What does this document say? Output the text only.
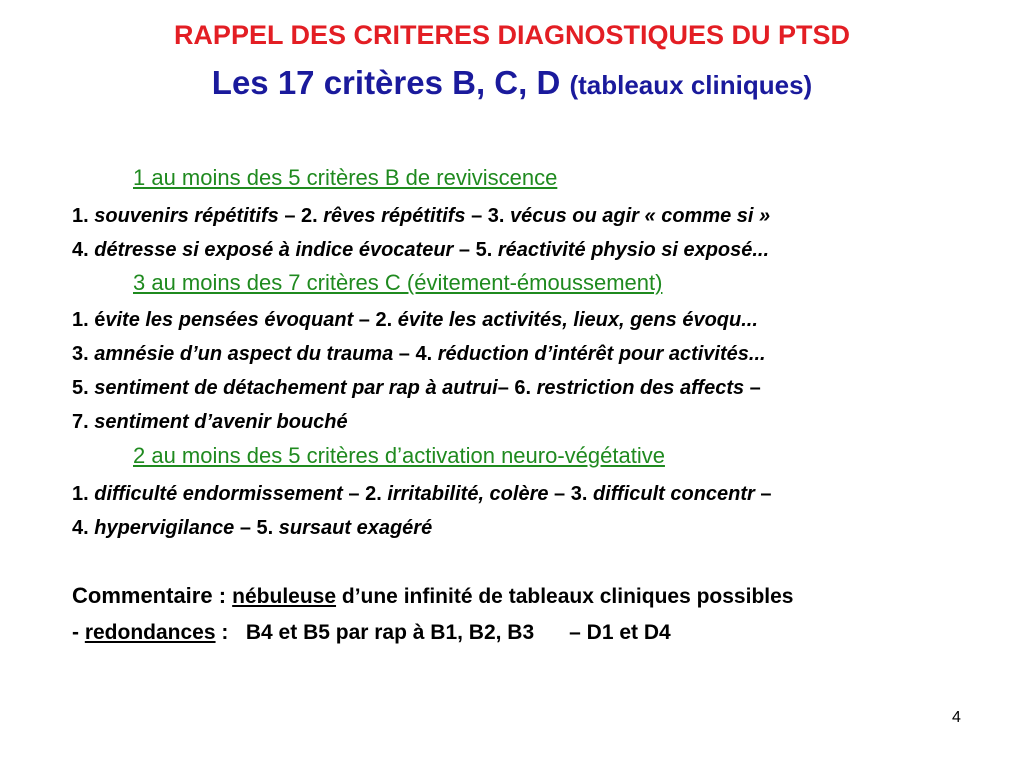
RAPPEL DES CRITERES DIAGNOSTIQUES DU PTSD
Les 17 critères B, C, D (tableaux cliniques)
1 au moins des 5 critères B de reviviscence
1. souvenirs répétitifs – 2. rêves répétitifs – 3. vécus ou agir « comme si »
4. détresse si exposé à indice évocateur – 5. réactivité physio si exposé...
3 au moins des 7 critères C (évitement-émoussement)
1. évite les pensées évoquant – 2. évite les activités, lieux, gens évoqu...
3. amnésie d’un aspect du trauma – 4. réduction d’intérêt pour activités...
5. sentiment de détachement par rap à autrui– 6. restriction des affects –
7. sentiment d’avenir bouché
2 au moins des 5 critères d’activation neuro-végétative
1. difficulté endormissement – 2. irritabilité, colère – 3. difficult concentr –
4. hypervigilance – 5. sursaut exagéré
Commentaire : nébuleuse d’une infinité de tableaux cliniques possibles
- redondances :   B4 et B5 par rap à B1, B2, B3      – D1 et D4
4
